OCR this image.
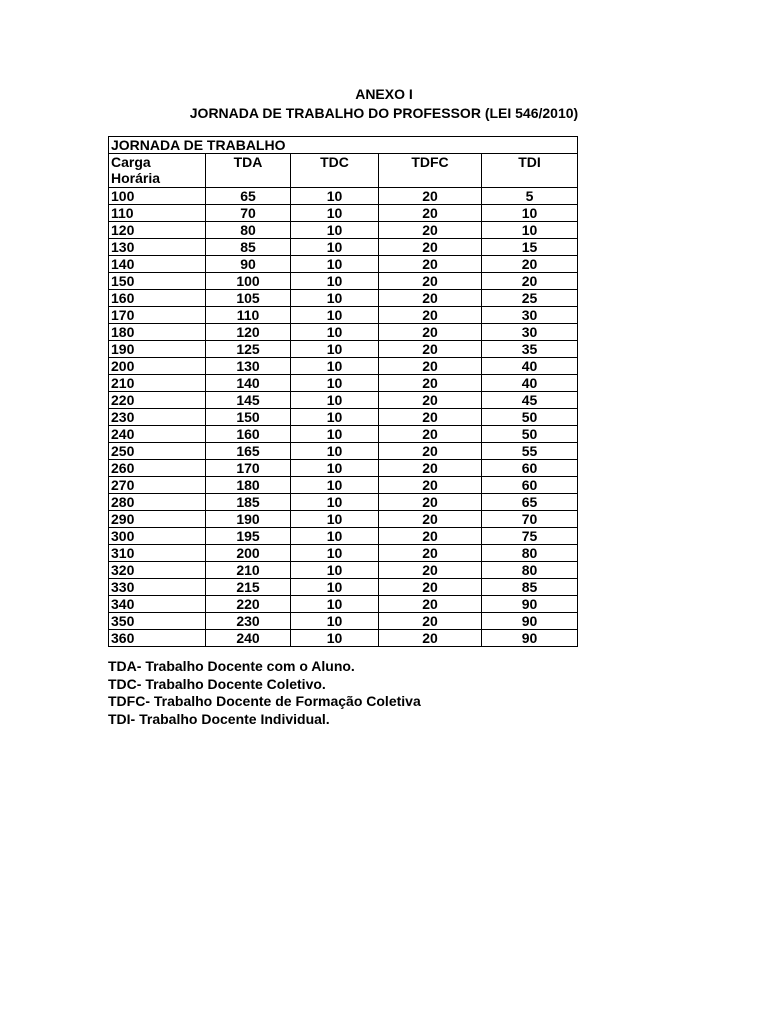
ANEXO I
JORNADA DE TRABALHO DO PROFESSOR (LEI 546/2010)
JORNADA DE TRABALHO				
Carga Horária	TDA	TDC	TDFC	TDI
100	65	10	20	5
110	70	10	20	10
120	80	10	20	10
130	85	10	20	15
140	90	10	20	20
150	100	10	20	20
160	105	10	20	25
170	110	10	20	30
180	120	10	20	30
190	125	10	20	35
200	130	10	20	40
210	140	10	20	40
220	145	10	20	45
230	150	10	20	50
240	160	10	20	50
250	165	10	20	55
260	170	10	20	60
270	180	10	20	60
280	185	10	20	65
290	190	10	20	70
300	195	10	20	75
310	200	10	20	80
320	210	10	20	80
330	215	10	20	85
340	220	10	20	90
350	230	10	20	90
360	240	10	20	90
TDA- Trabalho Docente com o Aluno.
TDC- Trabalho Docente Coletivo.
TDFC- Trabalho Docente de Formação Coletiva
TDI- Trabalho Docente Individual.
